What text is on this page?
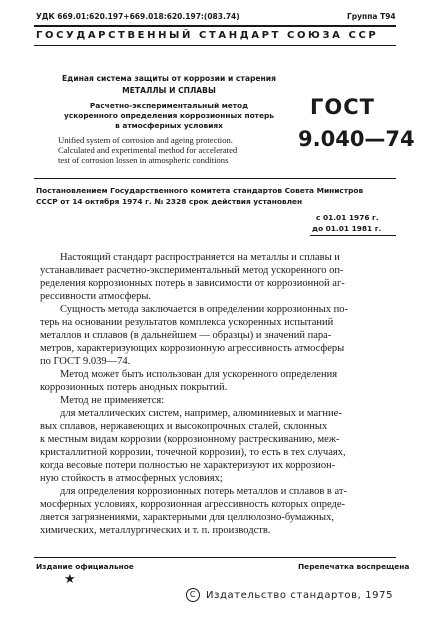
УДК 669.01:620.197+669.018:620.197:(083.74)	Группа Т94
ГОСУДАРСТВЕННЫЙ СТАНДАРТ СОЮЗА ССР
Единая система защиты от коррозии и старения
МЕТАЛЛЫ И СПЛАВЫ
Расчетно-экспериментальный метод
ускоренного определения коррозионных потерь
в атмосферных условиях
Unified system of corrosion and ageing protection.
Calculated and experimental method for accelerated
test of corrosion lossen in atmospheric conditions
ГОСТ
9.040—74
Постановлением Государственного комитета стандартов Совета Министров
СССР от 14 октября 1974 г. № 2328 срок действия установлен
с 01.01 1976 г.
до 01.01 1981 г.
Настоящий стандарт распространяется на металлы и сплавы и
устанавливает расчетно-экспериментальный метод ускоренного оп-
ределения коррозионных потерь в зависимости от коррозионной аг-
рессивности атмосферы.
Сущность метода заключается в определении коррозионных по-
терь на основании результатов комплекса ускоренных испытаний
металлов и сплавов (в дальнейшем — образцы) и значений пара-
метров, характеризующих коррозионную агрессивность атмосферы
по ГОСТ 9.039—74.
Метод может быть использован для ускоренного определения
коррозионных потерь анодных покрытий.
Метод не применяется:
для металлических систем, например, алюминиевых и магние-
вых сплавов, нержавеющих и высокопрочных сталей, склонных
к местным видам коррозии (коррозионному растрескиванию, меж-
кристаллитной коррозии, точечной коррозии), то есть в тех случаях,
когда весовые потери полностью не характеризуют их коррозион-
ную стойкость в атмосферных условиях;
для определения коррозионных потерь металлов и сплавов в ат-
мосферных условиях, коррозионная агрессивность которых опреде-
ляется загрязнениями, характерными для целлюлозно-бумажных,
химических, металлургических и т. п. производств.
Издание официальное	Перепечатка воспрещена
★
C Издательство стандартов, 1975
